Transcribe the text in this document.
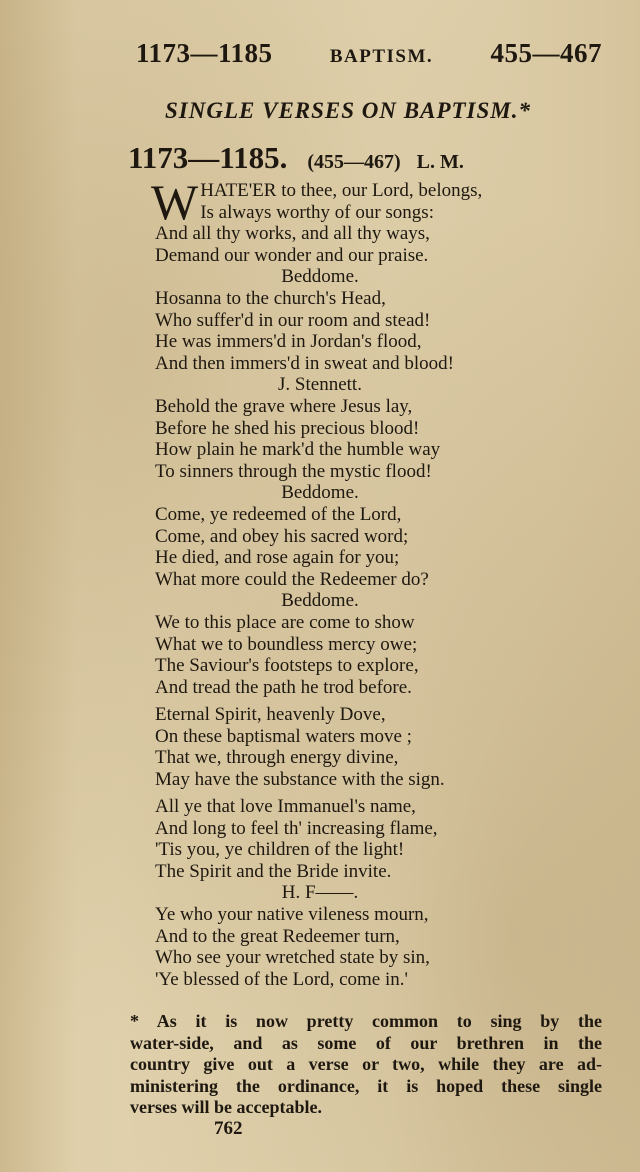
1173—1185	BAPTISM. 455—467
SINGLE VERSES ON BAPTISM.*
1173—1185. (455—467) L. M.
W HATE'ER to thee, our Lord, belongs,
Is always worthy of our songs:
And all thy works, and all thy ways,
Demand our wonder and our praise.
Beddome.
Hosanna to the church's Head,
Who suffer'd in our room and stead!
He was immers'd in Jordan's flood,
And then immers'd in sweat and blood!
J. Stennett.
Behold the grave where Jesus lay,
Before he shed his precious blood!
How plain he mark'd the humble way
To sinners through the mystic flood!
Beddome.
Come, ye redeemed of the Lord,
Come, and obey his sacred word;
He died, and rose again for you;
What more could the Redeemer do?
Beddome.
We to this place are come to show
What we to boundless mercy owe;
The Saviour's footsteps to explore,
And tread the path he trod before.
Eternal Spirit, heavenly Dove,
On these baptismal waters move ;
That we, through energy divine,
May have the substance with the sign.
All ye that love Immanuel's name,
And long to feel th' increasing flame,
'Tis you, ye children of the light!
The Spirit and the Bride invite.
H. F——.
Ye who your native vileness mourn,
And to the great Redeemer turn,
Who see your wretched state by sin,
'Ye blessed of the Lord, come in.'
* As it is now pretty common to sing by the
water-side, and as some of our brethren in the
country give out a verse or two, while they are ad-
ministering the ordinance, it is hoped these single
verses will be acceptable.
762
